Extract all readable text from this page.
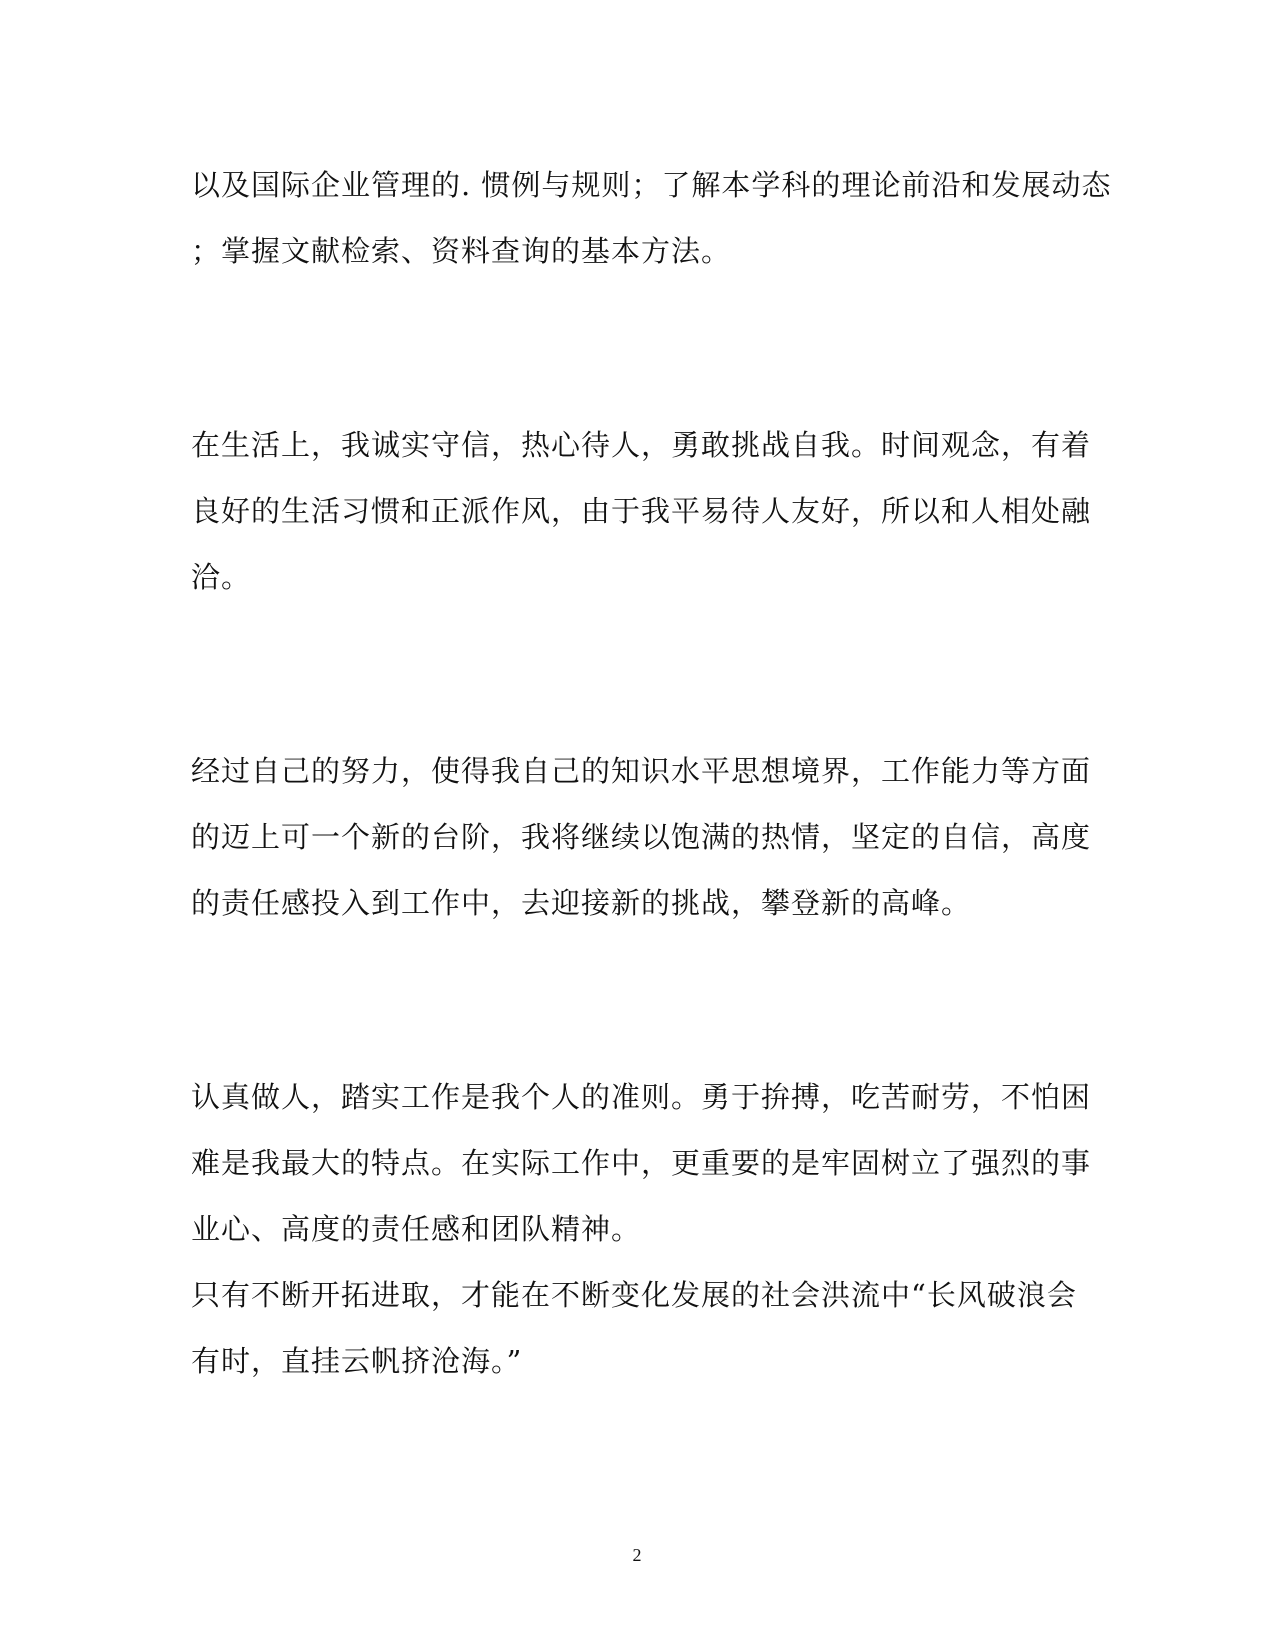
以及国际企业管理的. 惯例与规则；了解本学科的理论前沿和发展动态
；掌握文献检索、资料查询的基本方法。
在生活上，我诚实守信，热心待人，勇敢挑战自我。时间观念，有着
良好的生活习惯和正派作风，由于我平易待人友好，所以和人相处融
洽。
经过自己的努力，使得我自己的知识水平思想境界，工作能力等方面
的迈上可一个新的台阶，我将继续以饱满的热情，坚定的自信，高度
的责任感投入到工作中，去迎接新的挑战，攀登新的高峰。
认真做人，踏实工作是我个人的准则。勇于拚搏，吃苦耐劳，不怕困
难是我最大的特点。在实际工作中，更重要的是牢固树立了强烈的事
业心、高度的责任感和团队精神。
只有不断开拓进取，才能在不断变化发展的社会洪流中“长风破浪会
有时，直挂云帆挤沧海。”
2
